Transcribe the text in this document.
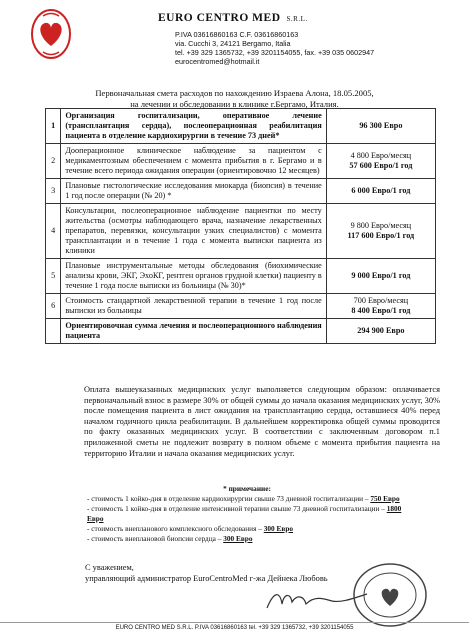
EURO CENTRO MED S.R.L.
P.IVA 03616860163 C.F. 03616860163
via. Cucchi 3, 24121 Bergamo, Italia
tel. +39 329 1365732, +39 3201154055, fax. +39 035 0602947
eurocentromed@hotmail.it
Первоначальная смета расходов по нахождению Израева Алона, 18.05.2005,
на лечении и обследовании в клинике г.Бергамо, Италия.
1	Организация госпитализации, оперативное лечение (трансплантация сердца), послеоперационная реабилитация пациента в отделение кардиохирургии в течение 73 дней*	96 300 Евро

2	Дооперационное клиническое наблюдение за пациентом с медикаментозным обеспечением с момента прибытия в г. Бергамо и в течение всего периода ожидания операции (ориентировочно 12 месяцев)	4 800 Евро/месяц
57 600 Евро/1 год

3	Плановые гистологические исследования миокарда (биопсия) в течение 1 год после операции (№ 20) *	6 000 Евро/1 год

4	Консультации, послеоперационное наблюдение пациентки по месту жительства (осмотры наблюдающего врача, назначение лекарственных препаратов, перевязки, консультации узких специалистов) с момента трансплантации и в течение 1 года с момента выписки пациента из клиники	9 800 Евро/месяц
117 600 Евро/1 год

5	Плановые инструментальные методы обследования (биохимические анализы крови, ЭКГ, ЭхоКГ, рентген органов грудной клетки) пациенту в течение 1 года после выписки из больницы (№ 30)*	9 000 Евро/1 год

6	Стоимость стандартной лекарственной терапии в течение 1 год после выписки из больницы	700 Евро/месяц
8 400 Евро/1 год

	Ориентировочная сумма лечения и послеоперационного наблюдения пациента	294 900 Евро
Оплата вышеуказанных медицинских услуг выполняется следующим образом: оплачивается первоначальный взнос в размере 30% от общей суммы до начала оказания медицинских услуг, 30% после помещения пациента в лист ожидания на трансплантацию сердца, оставшиеся 40% перед началом годичного цикла реабилитации. В дальнейшем корректировка общей суммы проводится по факту оказанных медицинских услуг. В соответствии с заключенным договором п.1 приложенной сметы не подлежит возврату в полном объеме с момента прибытия пациента на территорию Италии и начала оказания медицинских услуг.
* примечание:
- стоимость 1 койко-дня в отделение кардиохирургии свыше 73 дневной госпитализации – 750 Евро
- стоимость 1 койко-дня в отделение интенсивной терапии свыше 73 дневной госпитализации – 1800 Евро
- стоимость внепланового комплексного обследования – 300 Евро
- стоимость внеплановой биопсии сердца – 300 Евро
С уважением,
управляющий администратор EuroCentroMed г-жа Дейнека Любовь
EURO CENTRO MED S.R.L. P.IVA 03616860163 tel. +39 329 1365732, +39 3201154055
